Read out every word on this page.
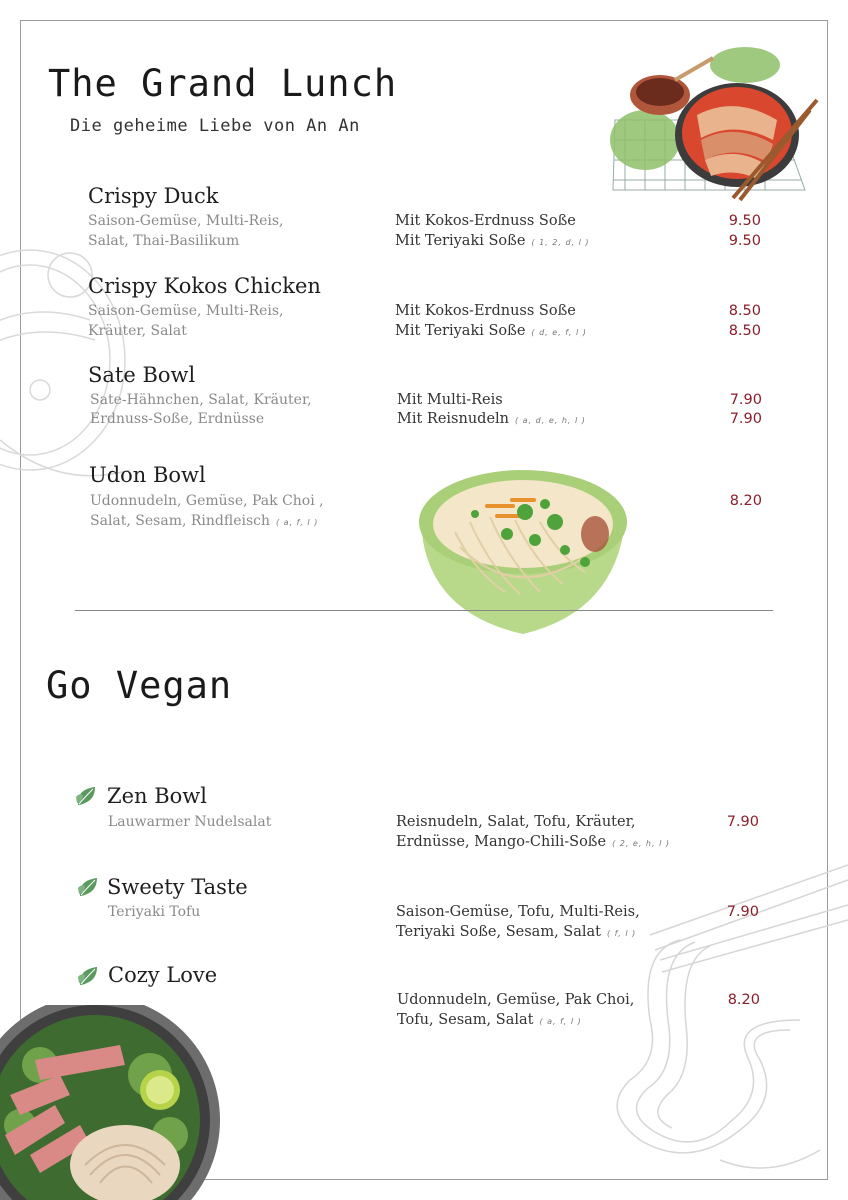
The Grand Lunch
Die geheime Liebe von An An
Crispy Duck
Saison-Gemüse, Multi-Reis,
Salat, Thai-Basilikum
Mit Kokos-Erdnuss Soße
Mit Teriyaki Soße ( 1, 2, d, l )
9.50
9.50
Crispy Kokos Chicken
Saison-Gemüse, Multi-Reis,
Kräuter, Salat
Mit Kokos-Erdnuss Soße
Mit Teriyaki Soße ( d, e, f, l )
8.50
8.50
Sate Bowl
Sate-Hähnchen, Salat, Kräuter,
Erdnuss-Soße, Erdnüsse
Mit Multi-Reis
Mit Reisnudeln ( a, d, e, h, l )
7.90
7.90
Udon Bowl
Udonnudeln, Gemüse, Pak Choi ,
Salat, Sesam, Rindfleisch ( a, f, l )
8.20
Go Vegan
Zen Bowl
Lauwarmer Nudelsalat	Reisnudeln, Salat, Tofu, Kräuter,
Erdnüsse, Mango-Chili-Soße ( 2, e, h, l )
7.90
Sweety Taste
Teriyaki Tofu	Saison-Gemüse, Tofu, Multi-Reis,
Teriyaki Soße, Sesam, Salat ( f, l )
7.90
Cozy Love
Udonnudeln, Gemüse, Pak Choi,
Tofu, Sesam, Salat ( a, f, l )
8.20
